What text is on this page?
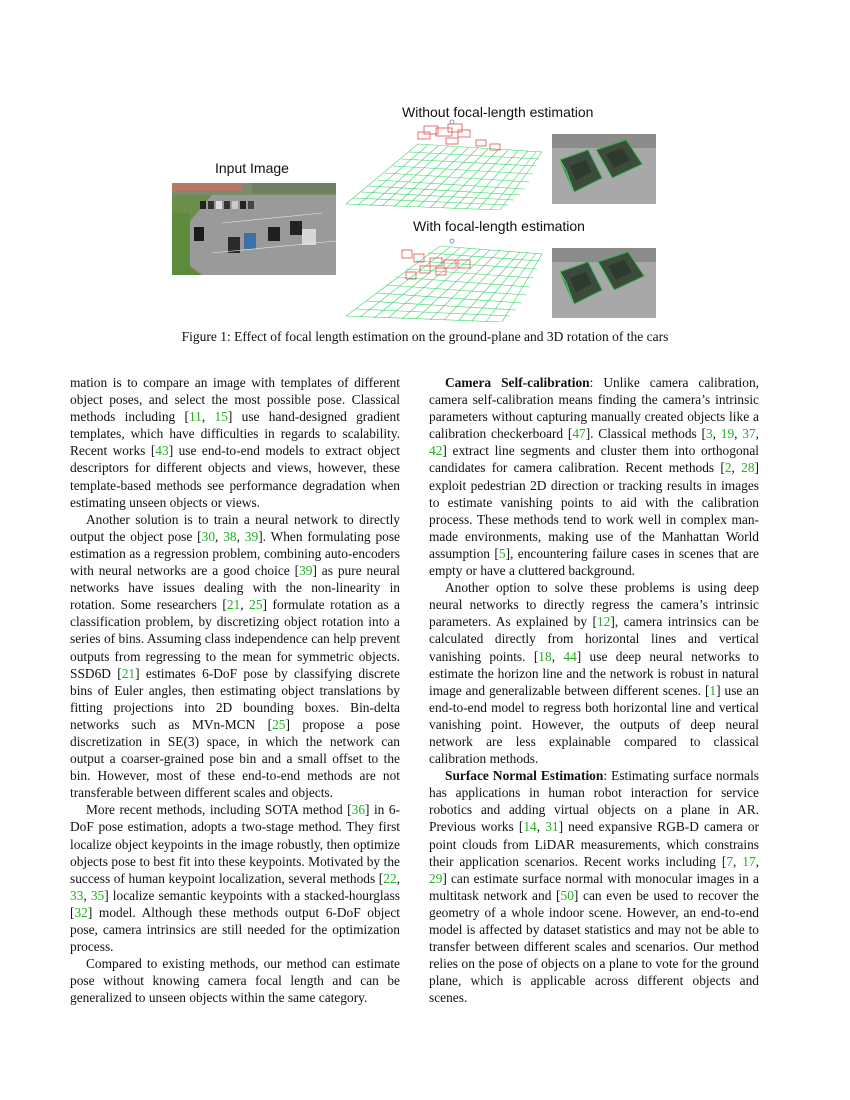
Input Image
Without focal-length estimation
With focal-length estimation
Figure 1: Effect of focal length estimation on the ground-plane and 3D rotation of the cars

mation is to compare an image with templates of different object poses, and select the most possible pose. Classical methods including [11, 15] use hand-designed gradient templates, which have difficulties in regards to scalability. Recent works [43] use end-to-end models to extract object descriptors for different objects and views, however, these template-based methods see performance degradation when estimating unseen objects or views.

Another solution is to train a neural network to directly output the object pose [30, 38, 39]. When formulating pose estimation as a regression problem, combining auto-encoders with neural networks are a good choice [39] as pure neural networks have issues dealing with the non-linearity in rotation. Some researchers [21, 25] formulate rotation as a classification problem, by discretizing object rotation into a series of bins. Assuming class independence can help prevent outputs from regressing to the mean for symmetric objects. SSD6D [21] estimates 6-DoF pose by classifying discrete bins of Euler angles, then estimating object translations by fitting projections into 2D bounding boxes. Bin-delta networks such as MVn-MCN [25] propose a pose discretization in SE(3) space, in which the network can output a coarser-grained pose bin and a small offset to the bin. However, most of these end-to-end methods are not transferable between different scales and objects.

More recent methods, including SOTA method [36] in 6-DoF pose estimation, adopts a two-stage method. They first localize object keypoints in the image robustly, then optimize objects pose to best fit into these keypoints. Motivated by the success of human keypoint localization, several methods [22, 33, 35] localize semantic keypoints with a stacked-hourglass [32] model. Although these methods output 6-DoF object pose, camera intrinsics are still needed for the optimization process.

Compared to existing methods, our method can estimate pose without knowing camera focal length and can be generalized to unseen objects within the same category.

Camera Self-calibration: Unlike camera calibration, camera self-calibration means finding the camera’s intrinsic parameters without capturing manually created objects like a calibration checkerboard [47]. Classical methods [3, 19, 37, 42] extract line segments and cluster them into orthogonal candidates for camera calibration. Recent methods [2, 28] exploit pedestrian 2D direction or tracking results in images to estimate vanishing points to aid with the calibration process. These methods tend to work well in complex man-made environments, making use of the Manhattan World assumption [5], encountering failure cases in scenes that are empty or have a cluttered background.

Another option to solve these problems is using deep neural networks to directly regress the camera’s intrinsic parameters. As explained by [12], camera intrinsics can be calculated directly from horizontal lines and vertical vanishing points. [18, 44] use deep neural networks to estimate the horizon line and the network is robust in natural image and generalizable between different scenes. [1] use an end-to-end model to regress both horizontal line and vertical vanishing point. However, the outputs of deep neural network are less explainable compared to classical calibration methods.

Surface Normal Estimation: Estimating surface normals has applications in human robot interaction for service robotics and adding virtual objects on a plane in AR. Previous works [14, 31] need expansive RGB-D camera or point clouds from LiDAR measurements, which constrains their application scenarios. Recent works including [7, 17, 29] can estimate surface normal with monocular images in a multitask network and [50] can even be used to recover the geometry of a whole indoor scene. However, an end-to-end model is affected by dataset statistics and may not be able to transfer between different scales and scenarios. Our method relies on the pose of objects on a plane to vote for the ground plane, which is applicable across different objects and scenes.
